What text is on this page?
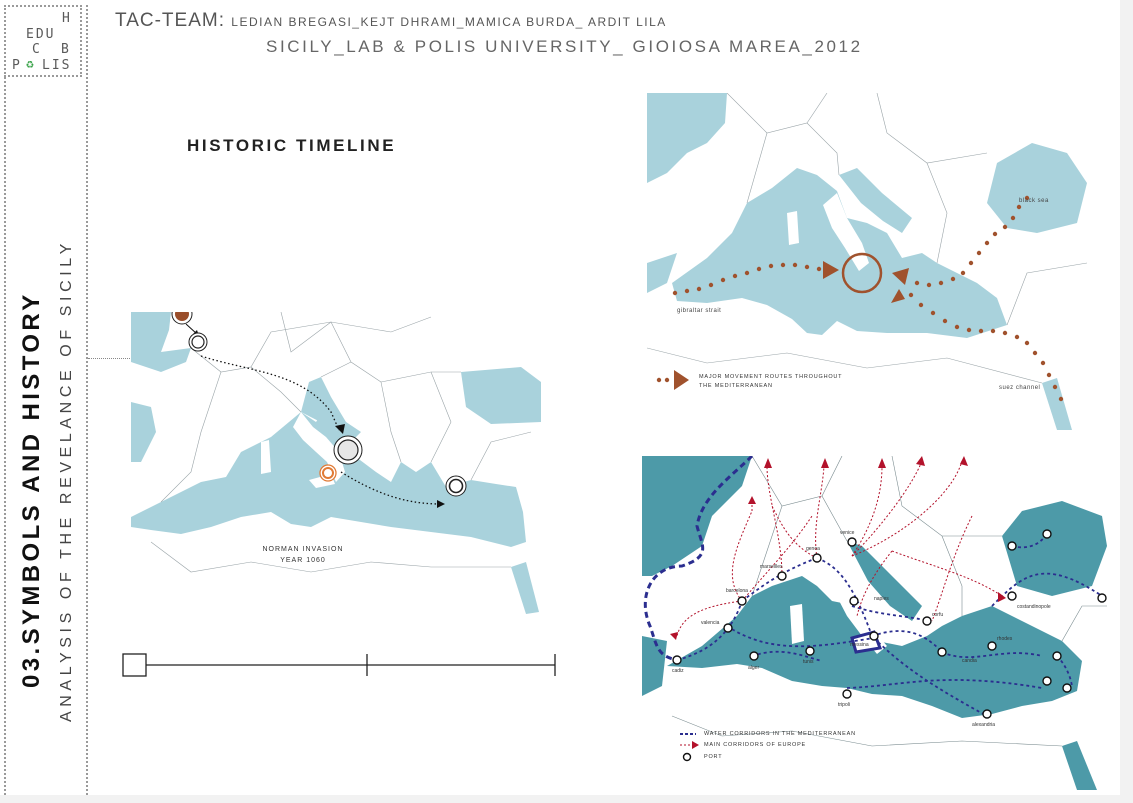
H
EDU
C B
P ♻ LIS
TAC-TEAM: LEDIAN BREGASI_KEJT DHRAMI_MAMICA BURDA_ ARDIT LILA
SICILY_LAB & POLIS UNIVERSITY_ GIOIOSA MAREA_2012
03.SYMBOLS AND HISTORY ANALYSIS OF THE REVELANCE OF SICILY
HISTORIC TIMELINE
NORMAN INVASION
YEAR 1060
gibraltar strait
black sea
suez channel
MAJOR MOVEMENT ROUTES THROUGHOUT
THE MEDITERRANEAN
cadiz
valencia
barcelona
marseilles
genoa
venice
naples
messina
tunis
alger
tripoli
corfu
candia
rhodes
costandinopole
alexandria
WATER CORRIDORS IN THE MEDITERRANEAN
MAIN CORRIDORS OF EUROPE
PORT
